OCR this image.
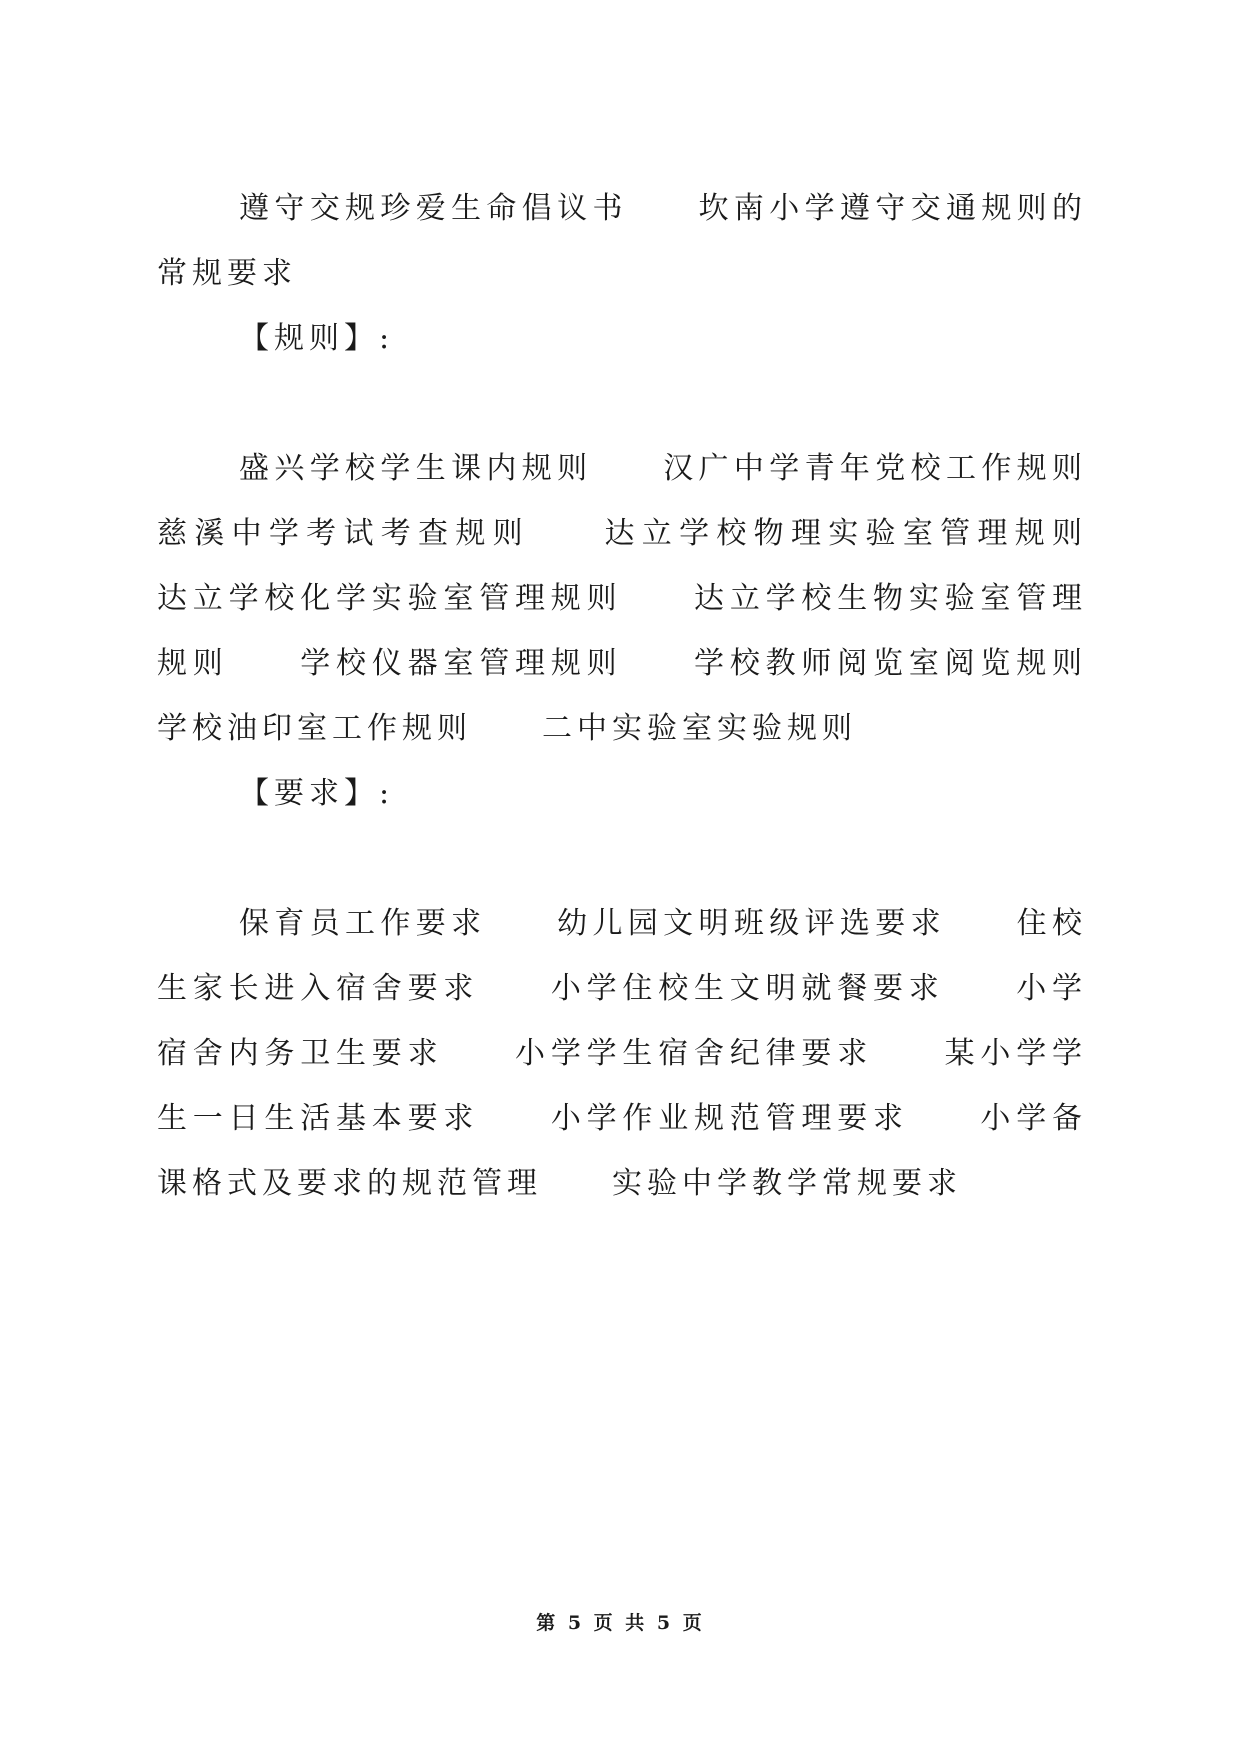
遵守交规珍爱生命倡议书 坎南小学遵守交通规则的常规要求

【规则】:

盛兴学校学生课内规则 汉广中学青年党校工作规则慈溪中学考试考查规则 达立学校物理实验室管理规则达立学校化学实验室管理规则 达立学校生物实验室管理规则 学校仪器室管理规则 学校教师阅览室阅览规则学校油印室工作规则 二中实验室实验规则

【要求】:

保育员工作要求 幼儿园文明班级评选要求 住校生家长进入宿舍要求 小学住校生文明就餐要求 小学宿舍内务卫生要求 小学学生宿舍纪律要求 某小学学生一日生活基本要求 小学作业规范管理要求 小学备课格式及要求的规范管理 实验中学教学常规要求

第 5 页 共 5 页
